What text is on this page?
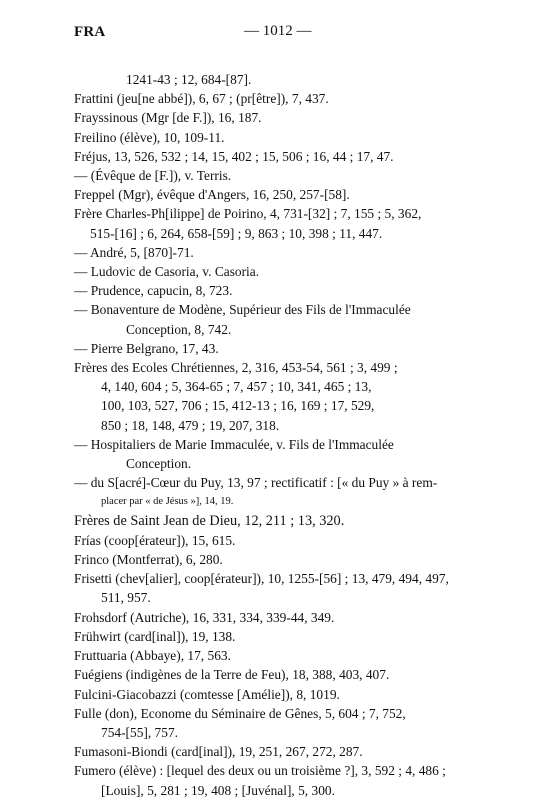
FRA	— 1012 —
1241-43 ; 12, 684-[87].
Frattini (jeu[ne abbé]), 6, 67 ; (pr[être]), 7, 437.
Frayssinous (Mgr [de F.]), 16, 187.
Freilino (élève), 10, 109-11.
Fréjus, 13, 526, 532 ; 14, 15, 402 ; 15, 506 ; 16, 44 ; 17, 47.
— (Évêque de [F.]), v. Terris.
Freppel (Mgr), évêque d'Angers, 16, 250, 257-[58].
Frère Charles-Ph[ilippe] de Poirino, 4, 731-[32] ; 7, 155 ; 5, 362,
515-[16] ; 6, 264, 658-[59] ; 9, 863 ; 10, 398 ; 11, 447.
— André, 5, [870]-71.
— Ludovic de Casoria, v. Casoria.
— Prudence, capucin, 8, 723.
— Bonaventure de Modène, Supérieur des Fils de l'Immaculée
Conception, 8, 742.
— Pierre Belgrano, 17, 43.
Frères des Ecoles Chrétiennes, 2, 316, 453-54, 561 ; 3, 499 ;
4, 140, 604 ; 5, 364-65 ; 7, 457 ; 10, 341, 465 ; 13,
100, 103, 527, 706 ; 15, 412-13 ; 16, 169 ; 17, 529,
850 ; 18, 148, 479 ; 19, 207, 318.
— Hospitaliers de Marie Immaculée, v. Fils de l'Immaculée
Conception.
— du S[acré]-Cœur du Puy, 13, 97 ; rectificatif : [« du Puy » à rem-
placer par « de Jésus »], 14, 19.
Frères de Saint Jean de Dieu, 12, 211 ; 13, 320.
Frías (coop[érateur]), 15, 615.
Frinco (Montferrat), 6, 280.
Frisetti (chev[alier], coop[érateur]), 10, 1255-[56] ; 13, 479, 494, 497,
511, 957.
Frohsdorf (Autriche), 16, 331, 334, 339-44, 349.
Frühwirt (card[inal]), 19, 138.
Fruttuaria (Abbaye), 17, 563.
Fuégiens (indigènes de la Terre de Feu), 18, 388, 403, 407.
Fulcini-Giacobazzi (comtesse [Amélie]), 8, 1019.
Fulle (don), Econome du Séminaire de Gênes, 5, 604 ; 7, 752,
754-[55], 757.
Fumasoni-Biondi (card[inal]), 19, 251, 267, 272, 287.
Fumero (élève) : [lequel des deux ou un troisième ?], 3, 592 ; 4, 486 ;
[Louis], 5, 281 ; 19, 408 ; [Juvénal], 5, 300.
